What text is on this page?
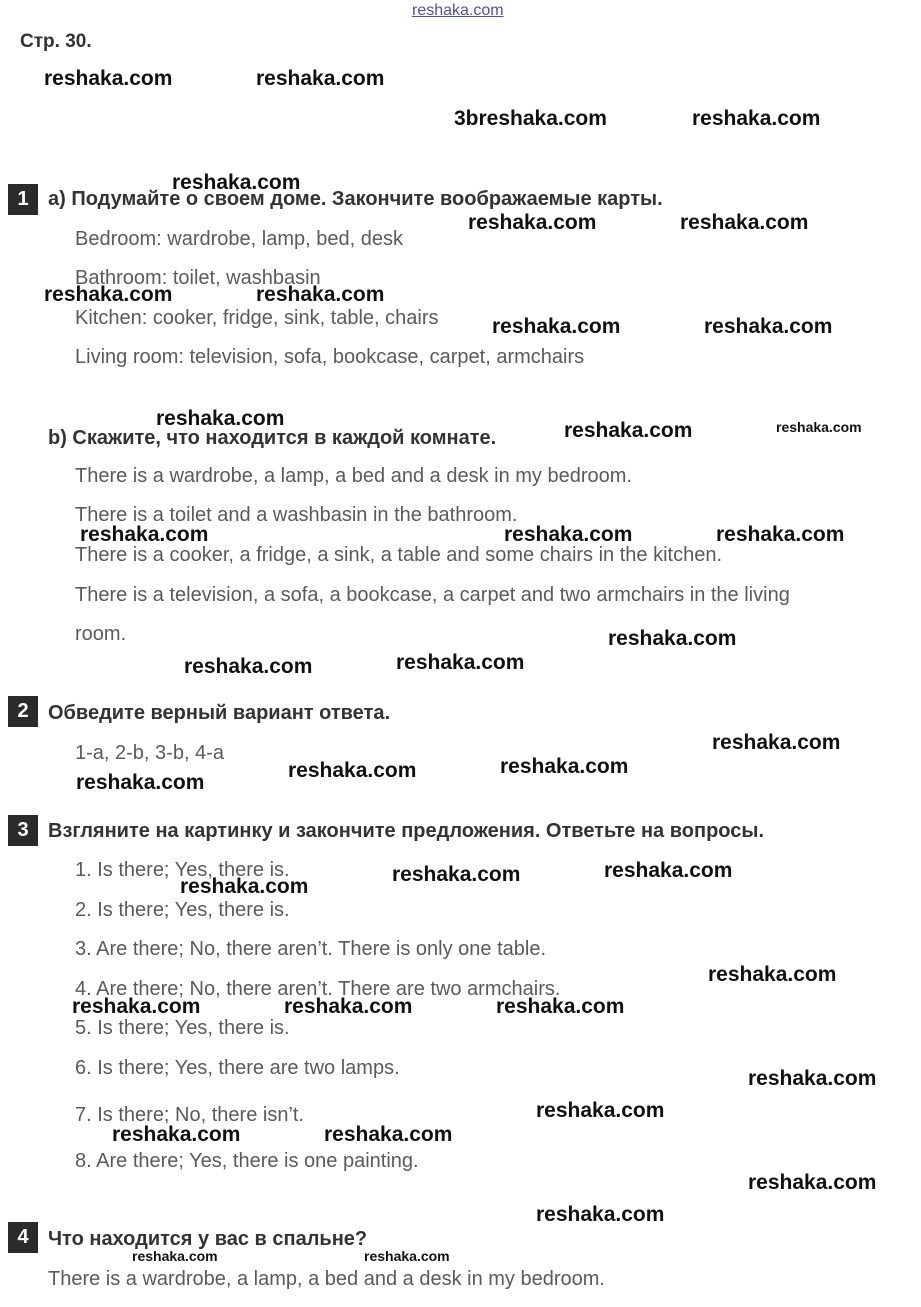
reshaka.com
Стр. 30.
1 a) Подумайте о своем доме. Закончите воображаемые карты.
Bedroom: wardrobe, lamp, bed, desk
Bathroom: toilet, washbasin
Kitchen: cooker, fridge, sink, table, chairs
Living room: television, sofa, bookcase, carpet, armchairs
b) Скажите, что находится в каждой комнате.
There is a wardrobe, a lamp, a bed and a desk in my bedroom.
There is a toilet and a washbasin in the bathroom.
There is a cooker, a fridge, a sink, a table and some chairs in the kitchen.
There is a television, a sofa, a bookcase, a carpet and two armchairs in the living
room.
2 Обведите верный вариант ответа.
1-a, 2-b, 3-b, 4-a
3 Взгляните на картинку и закончите предложения. Ответьте на вопросы.
1. Is there; Yes, there is.
2. Is there; Yes, there is.
3. Are there; No, there aren’t. There is only one table.
4. Are there; No, there aren’t. There are two armchairs.
5. Is there; Yes, there is.
6. Is there; Yes, there are two lamps.
7. Is there; No, there isn’t.
8. Are there; Yes, there is one painting.
4 Что находится у вас в спальне?
There is a wardrobe, a lamp, a bed and a desk in my bedroom.
reshaka.com	reshaka.com
3breshaka.com	reshaka.com
reshaka.com
reshaka.com	reshaka.com
reshaka.com	reshaka.com
reshaka.com	reshaka.com
reshaka.com
reshaka.com	reshaka.com
reshaka.com	reshaka.com	reshaka.com
reshaka.com
reshaka.com	reshaka.com
reshaka.com
reshaka.com	reshaka.com
reshaka.com
reshaka.com	reshaka.com
reshaka.com
reshaka.com
reshaka.com	reshaka.com	reshaka.com
reshaka.com
reshaka.com
reshaka.com	reshaka.com
reshaka.com
reshaka.com
reshaka.com	reshaka.com
